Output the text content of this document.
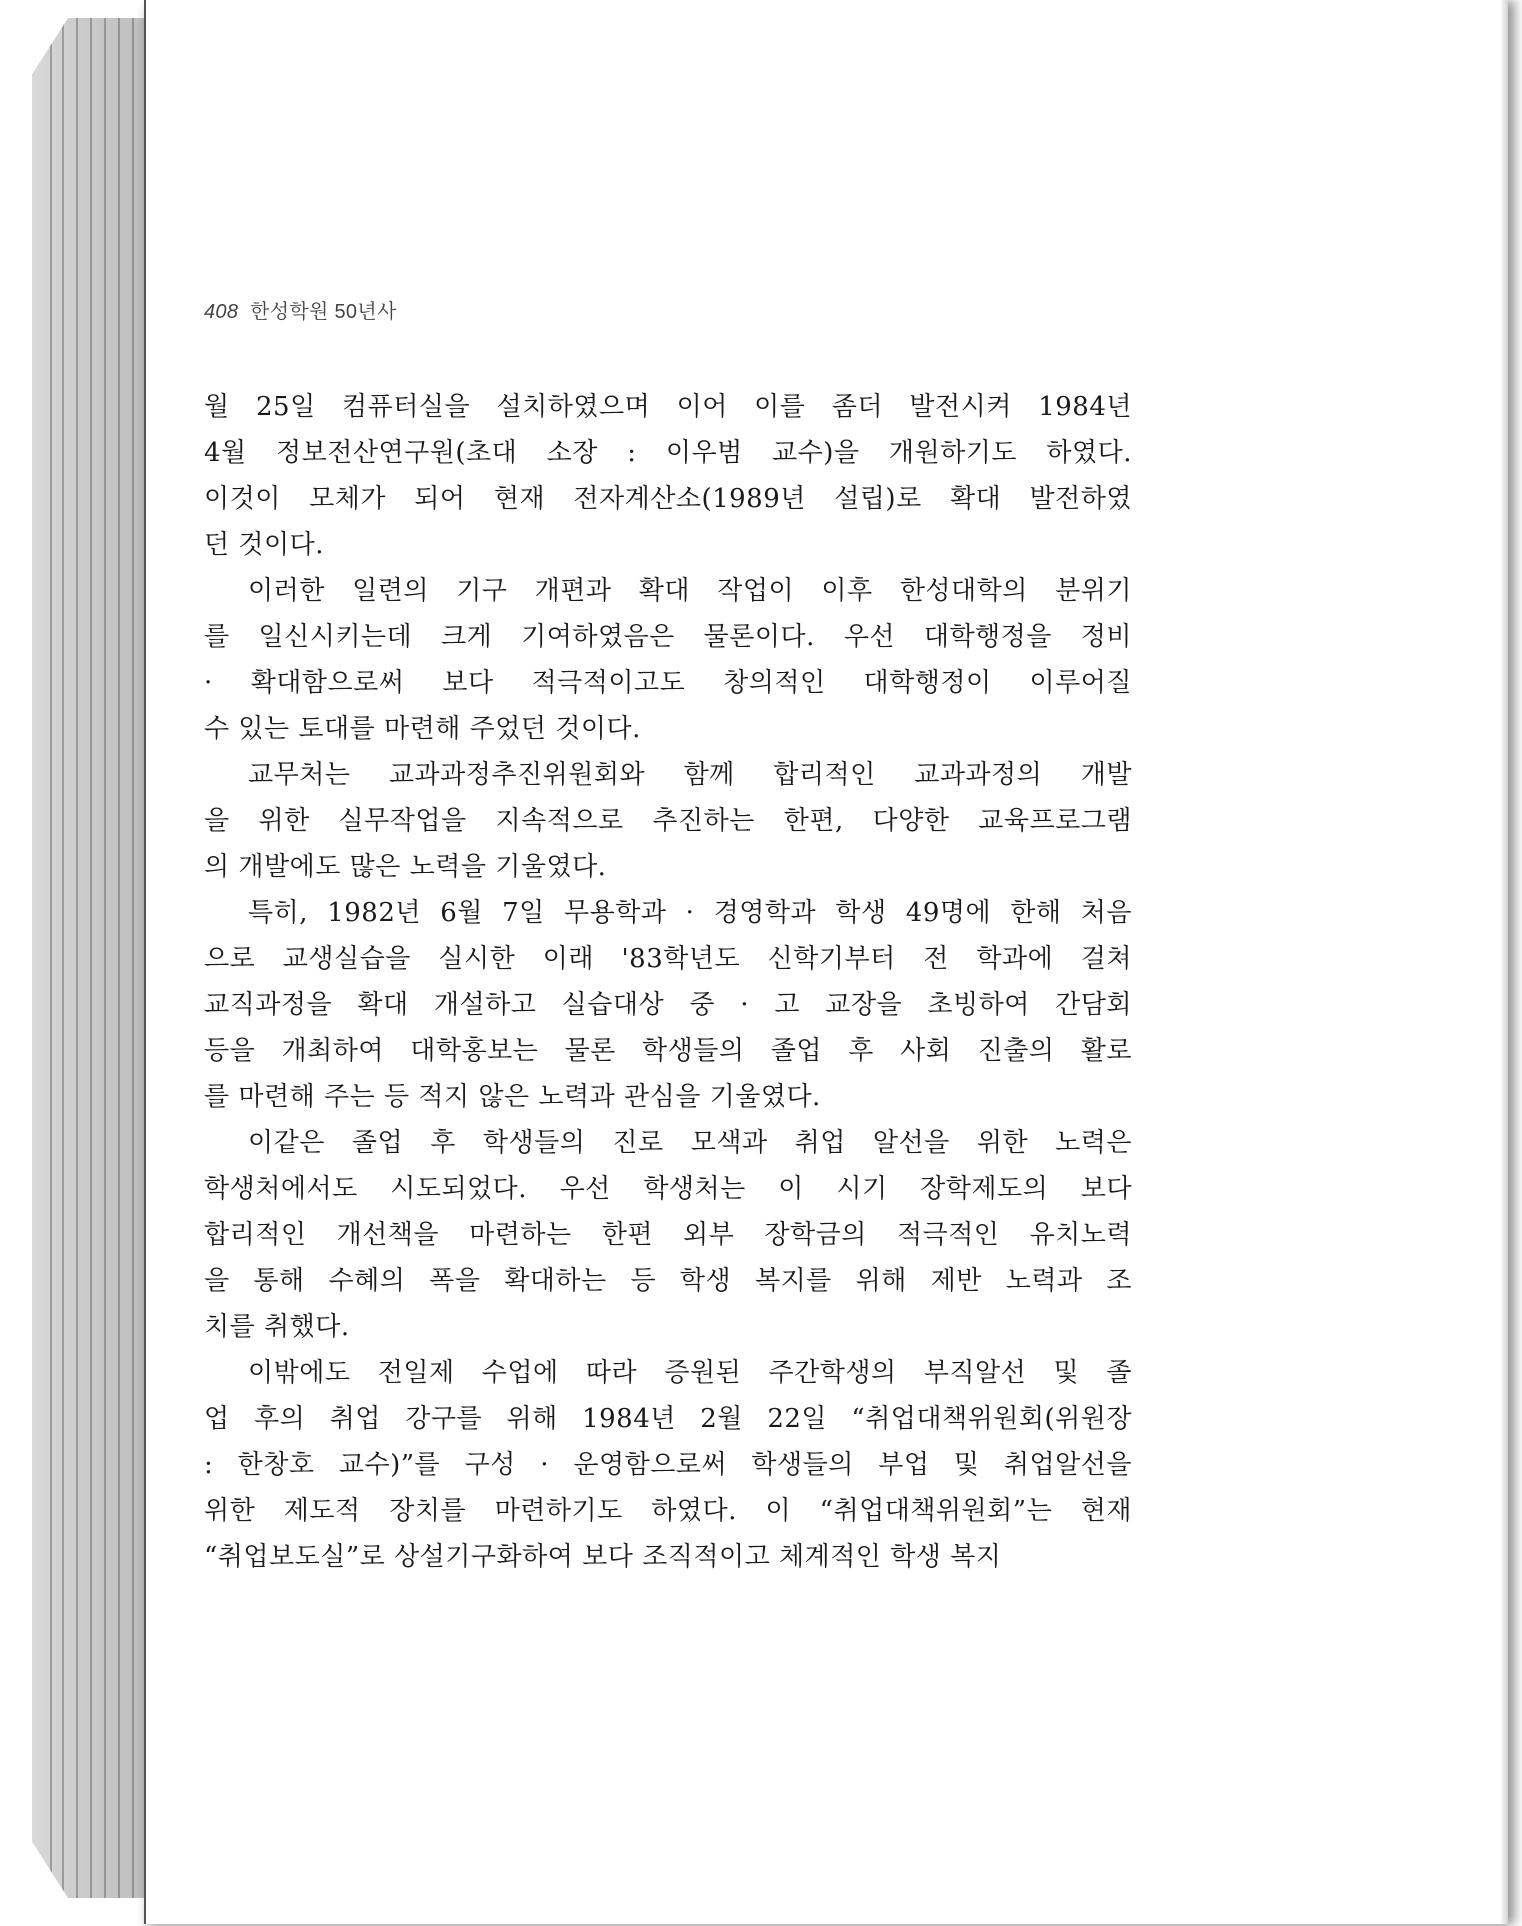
408 한성학원 50년사
월 25일 컴퓨터실을 설치하였으며 이어 이를 좀더 발전시켜 1984년
4월 정보전산연구원(초대 소장 : 이우범 교수)을 개원하기도 하였다.
이것이 모체가 되어 현재 전자계산소(1989년 설립)로 확대 발전하였
던 것이다.
이러한 일련의 기구 개편과 확대 작업이 이후 한성대학의 분위기
를 일신시키는데 크게 기여하였음은 물론이다. 우선 대학행정을 정비
· 확대함으로써 보다 적극적이고도 창의적인 대학행정이 이루어질
수 있는 토대를 마련해 주었던 것이다.
교무처는 교과과정추진위원회와 함께 합리적인 교과과정의 개발
을 위한 실무작업을 지속적으로 추진하는 한편, 다양한 교육프로그램
의 개발에도 많은 노력을 기울였다.
특히, 1982년 6월 7일 무용학과 · 경영학과 학생 49명에 한해 처음
으로 교생실습을 실시한 이래 '83학년도 신학기부터 전 학과에 걸쳐
교직과정을 확대 개설하고 실습대상 중 · 고 교장을 초빙하여 간담회
등을 개최하여 대학홍보는 물론 학생들의 졸업 후 사회 진출의 활로
를 마련해 주는 등 적지 않은 노력과 관심을 기울였다.
이같은 졸업 후 학생들의 진로 모색과 취업 알선을 위한 노력은
학생처에서도 시도되었다. 우선 학생처는 이 시기 장학제도의 보다
합리적인 개선책을 마련하는 한편 외부 장학금의 적극적인 유치노력
을 통해 수혜의 폭을 확대하는 등 학생 복지를 위해 제반 노력과 조
치를 취했다.
이밖에도 전일제 수업에 따라 증원된 주간학생의 부직알선 및 졸
업 후의 취업 강구를 위해 1984년 2월 22일 “취업대책위원회(위원장
: 한창호 교수)”를 구성 · 운영함으로써 학생들의 부업 및 취업알선을
위한 제도적 장치를 마련하기도 하였다. 이 “취업대책위원회”는 현재
“취업보도실”로 상설기구화하여 보다 조직적이고 체계적인 학생 복지
